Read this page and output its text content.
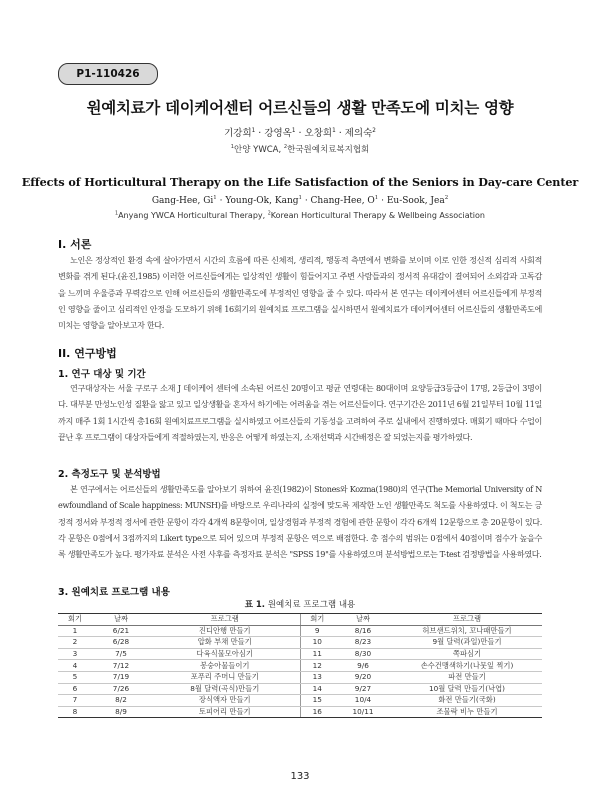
P1-110426
원예치료가 데이케어센터 어르신들의 생활 만족도에 미치는 영향
기강희$^1$ · 강영옥$^1$ · 오창희$^1$ · 제의숙$^2$
$^1$안양 YWCA, $^2$한국원예치료복지협회
Effects of Horticultural Therapy on the Life Satisfaction of the Seniors in Day-care Center
Gang-Hee, $Gi^1$ · Young-Ok, Kang$^1$ · Chang-Hee, $O^1$ · Eu-Sook, Jea$^2$
$^1$Anyang YWCA Horticultural Therapy, $^2$Korean Horticultural Therapy & Wellbeing Association
I. 서론
노인은 정상적인 환경 속에 살아가면서 시간의 흐름에 따른 신체적, 생리적, 행동적 측면에서 변화를 보이며 이로 인한 정신적 심리적 사회적 변화를 겪게 된다.(윤진,1985) 이러한 어르신들에게는 일상적인 생활이 힘들어지고 주변 사람들과의 정서적 유대감이 결여되어 소외감과 고독감을 느끼며 우울증과 무력감으로 인해 어르신들의 생활만족도에 부정적인 영향을 줄 수 있다. 따라서 본 연구는 데이케어센터 어르신들에게 부정적인 영향을 줄이고 심리적인 안정을 도모하기 위해 16회기의 원예치료 프로그램을 실시하면서 원예치료가 데이케어센터 어르신들의 생활만족도에 미치는 영향을 알아보고자 한다.
II. 연구방법
1. 연구 대상 및 기간
연구대상자는 서울 구로구 소재 J 데이케어 센터에 소속된 어르신 20명이고 평균 연령대는 80대이며 요양등급3등급이 17명, 2등급이 3명이다. 대부분 만성노인성 질환을 앓고 있고 일상생활을 혼자서 하기에는 어려움을 겪는 어르신들이다. 연구기간은 2011년 6월 21일부터 10월 11일까지 매주 1회 1시간씩 총16회 원예치료프로그램을 실시하였고 어르신들의 기동성을 고려하여 주로 실내에서 진행하였다. 매회기 때마다 수업이 끝난 후 프로그램이 대상자들에게 적절하였는지, 반응은 어떻게 하였는지, 소재선택과 시간배정은 잘 되었는지를 평가하였다.
2. 측정도구 및 분석방법
본 연구에서는 어르신들의 생활만족도를 알아보기 위하여 윤진(1982)이 Stones와 Kozma(1980)의 연구(The Memorial University of Newfoundland of Scale happiness: MUNSH)를 바탕으로 우리나라의 실정에 맞도록 제작한 노인 생활만족도 척도를 사용하였다. 이 척도는 긍정적 정서와 부정적 정서에 관한 문항이 각각 4개씩 8문항이며, 일상경험과 부정적 경험에 관한 문항이 각각 6개씩 12문항으로 총 20문항이 있다. 각 문항은 0점에서 3점까지의 Likert type으로 되어 있으며 부정적 문항은 역으로 배점한다. 총 점수의 범위는 0점에서 40점이며 점수가 높을수록 생활만족도가 높다. 평가자료 분석은 사전 사후를 측정자료 분석은 "SPSS 19"를 사용하였으며 분석방법으로는 T-test 검정방법을 사용하였다.
3. 원예치료 프로그램 내용
표 1. 원예치료 프로그램 내용
회기	날짜	프로그램	회기	날짜	프로그램
1	6/21	진디안행 만들기	9	8/16	허브샌드위치, 꼬나패만들기
2	6/28	압화 부채 만들기	10	8/23	9월 달력(과일)만들기
3	7/5	다육식물모아심기	11	8/30	쪽파심기
4	7/12	봉숭아물들이기	12	9/6	손수건맹색하기(나뭇잎 찍기)
5	7/19	포푸리 주머니 만들기	13	9/20	파전 만들기
6	7/26	8월 달력(곡식)만들기	14	9/27	10월 달력 만들기(낙엽)
7	8/2	장식액자 만들기	15	10/4	화전 만들기(국화)
8	8/9	토피어리 만들기	16	10/11	조물락 비누 만들기
133
